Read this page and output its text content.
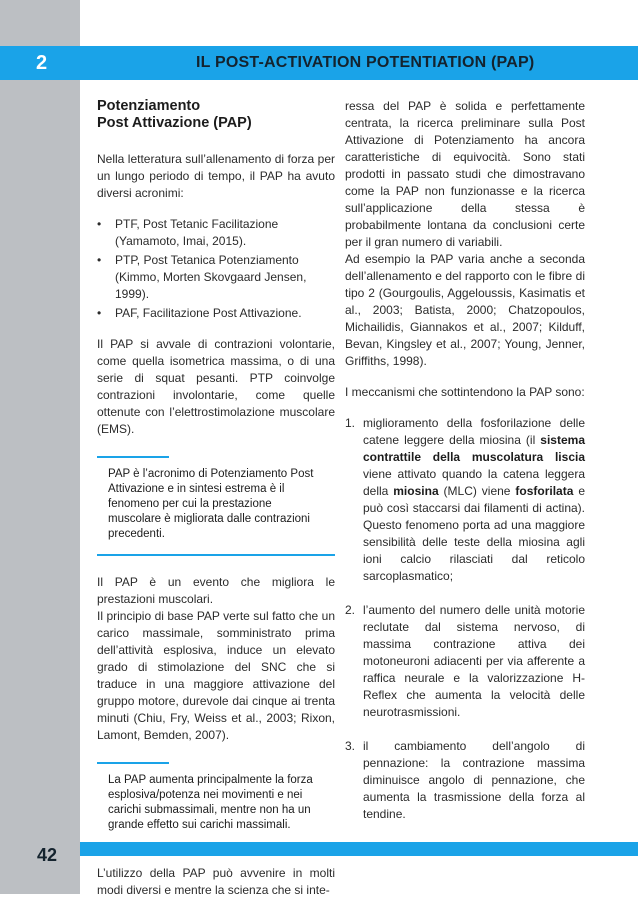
2	IL POST-ACTIVATION POTENTIATION (PAP)
Potenziamento
Post Attivazione (PAP)

Nella letteratura sull’allenamento di forza per un lungo periodo di tempo, il PAP ha avuto diversi acronimi:

• PTF, Post Tetanic Facilitazione (Yamamoto, Imai, 2015).
• PTP, Post Tetanica Potenziamento (Kimmo, Morten Skovgaard Jensen, 1999).
• PAF, Facilitazione Post Attivazione.

Il PAP si avvale di contrazioni volontarie, come quella isometrica massima, o di una serie di squat pesanti. PTP coinvolge contrazioni involontarie, come quelle ottenute con l’elettrostimolazione muscolare (EMS).

PAP è l’acronimo di Potenziamento Post Attivazione e in sintesi estrema è il fenomeno per cui la prestazione muscolare è migliorata dalle contrazioni precedenti.

Il PAP è un evento che migliora le prestazioni muscolari.

Il principio di base PAP verte sul fatto che un carico massimale, somministrato prima dell’attività esplosiva, induce un elevato grado di stimolazione del SNC che si traduce in una maggiore attivazione del gruppo motore, durevole dai cinque ai trenta minuti (Chiu, Fry, Weiss et al., 2003; Rixon, Lamont, Bemden, 2007).

La PAP aumenta principalmente la forza esplosiva/potenza nei movimenti e nei carichi submassimali, mentre non ha un grande effetto sui carichi massimali.

L’utilizzo della PAP può avvenire in molti modi diversi e mentre la scienza che si inte-

ressa del PAP è solida e perfettamente centrata, la ricerca preliminare sulla Post Attivazione di Potenziamento ha ancora caratteristiche di equivocità. Sono stati prodotti in passato studi che dimostravano come la PAP non funzionasse e la ricerca sull’applicazione della stessa è probabilmente lontana da conclusioni certe per il gran numero di variabili.

Ad esempio la PAP varia anche a seconda dell’allenamento e del rapporto con le fibre di tipo 2 (Gourgoulis, Aggeloussis, Kasimatis et al., 2003; Batista, 2000; Chatzopoulos, Michailidis, Giannakos et al., 2007; Kilduff, Bevan, Kingsley et al., 2007; Young, Jenner, Griffiths, 1998).

I meccanismi che sottintendono la PAP sono:

1. miglioramento della fosforilazione delle catene leggere della miosina (il sistema contrattile della muscolatura liscia viene attivato quando la catena leggera della miosina (MLC) viene fosforilata e può così staccarsi dai filamenti di actina). Questo fenomeno porta ad una maggiore sensibilità delle teste della miosina agli ioni calcio rilasciati dal reticolo sarcoplasmatico;
2. l’aumento del numero delle unità motorie reclutate dal sistema nervoso, di massima contrazione attiva dei motoneuroni adiacenti per via afferente a raffica neurale e la valorizzazione H-Reflex che aumenta la velocità delle neurotrasmissioni.
3. il cambiamento dell’angolo di pennazione: la contrazione massima diminuisce angolo di pennazione, che aumenta la trasmissione della forza al tendine.
42
